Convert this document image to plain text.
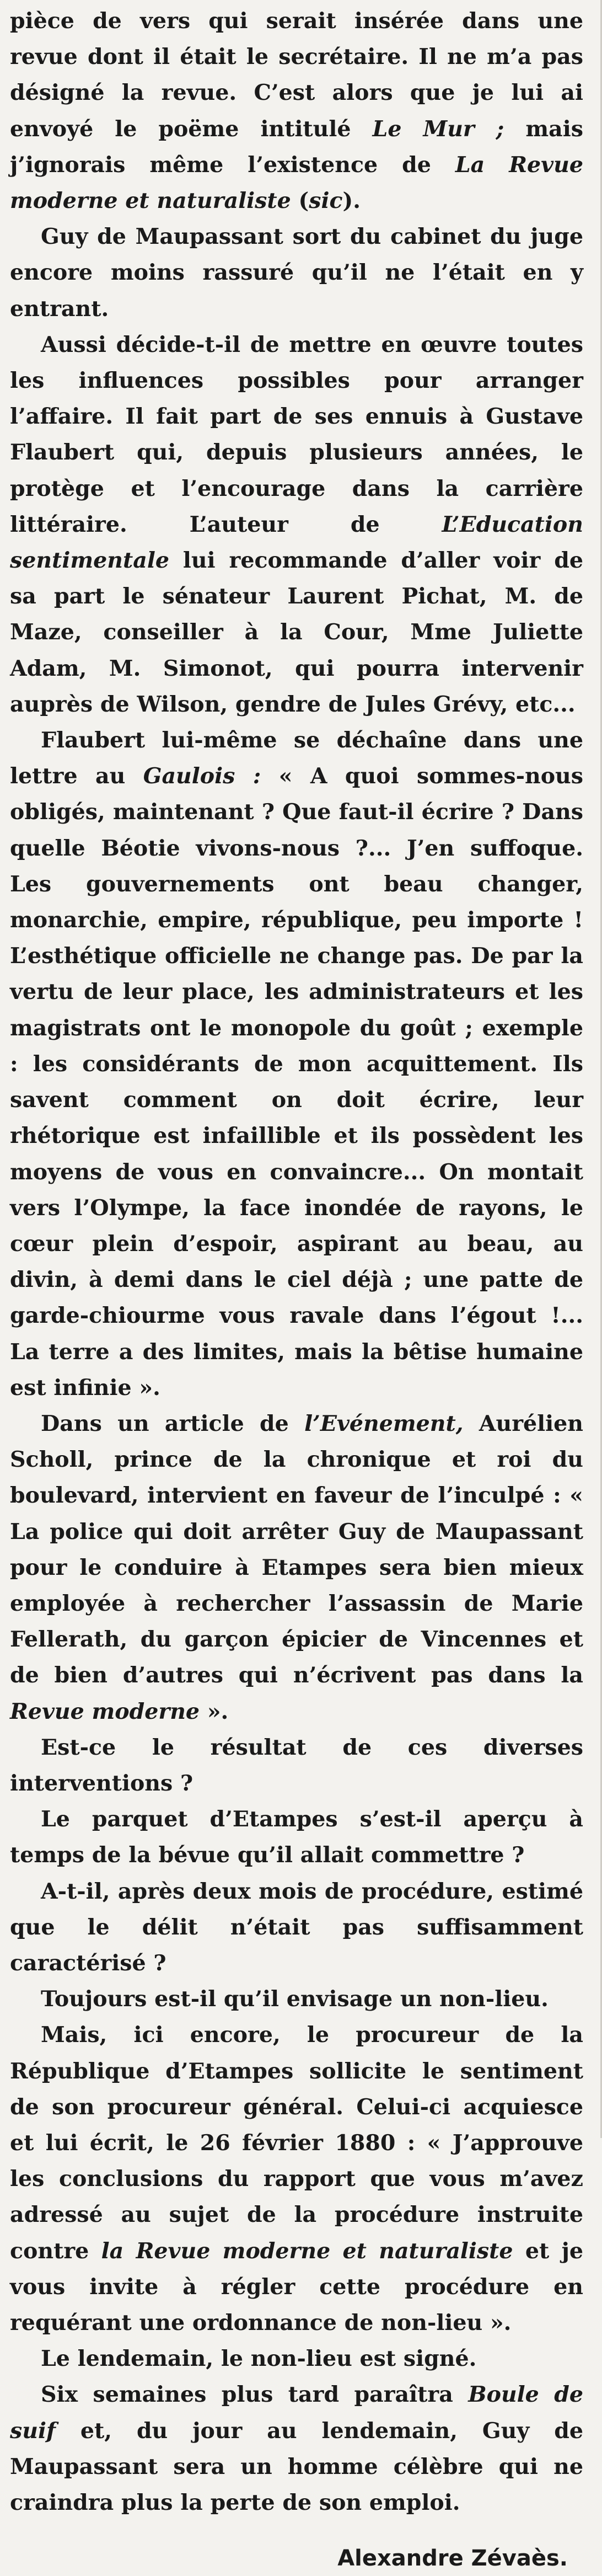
pièce de vers qui serait insérée dans une revue dont il était le secrétaire. Il ne m’a pas désigné la revue. C’est alors que je lui ai envoyé le poëme intitulé Le Mur ; mais j’ignorais même l’existence de La Revue moderne et naturaliste (sic).

Guy de Maupassant sort du cabinet du juge encore moins rassuré qu’il ne l’était en y entrant.

Aussi décide-t-il de mettre en œuvre toutes les influences possibles pour arranger l’affaire. Il fait part de ses ennuis à Gustave Flaubert qui, depuis plusieurs années, le protège et l’encourage dans la carrière littéraire. L’auteur de L’Education sentimentale lui recommande d’aller voir de sa part le sénateur Laurent Pichat, M. de Maze, conseiller à la Cour, Mme Juliette Adam, M. Simonot, qui pourra intervenir auprès de Wilson, gendre de Jules Grévy, etc...

Flaubert lui-même se déchaîne dans une lettre au Gaulois : « A quoi sommes-nous obligés, maintenant ? Que faut-il écrire ? Dans quelle Béotie vivons-nous ?... J’en suffoque. Les gouvernements ont beau changer, monarchie, empire, république, peu importe ! L’esthétique officielle ne change pas. De par la vertu de leur place, les administrateurs et les magistrats ont le monopole du goût ; exemple : les considérants de mon acquittement. Ils savent comment on doit écrire, leur rhétorique est infaillible et ils possèdent les moyens de vous en convaincre... On montait vers l’Olympe, la face inondée de rayons, le cœur plein d’espoir, aspirant au beau, au divin, à demi dans le ciel déjà ; une patte de garde-chiourme vous ravale dans l’égout !... La terre a des limites, mais la bêtise humaine est infinie ».

Dans un article de l’Evénement, Aurélien Scholl, prince de la chronique et roi du boulevard, intervient en faveur de l’inculpé : « La police qui doit arrêter Guy de Maupassant pour le conduire à Etampes sera bien mieux employée à rechercher l’assassin de Marie Fellerath, du garçon épicier de Vincennes et de bien d’autres qui n’écrivent pas dans la Revue moderne ».

Est-ce le résultat de ces diverses interventions ?

Le parquet d’Etampes s’est-il aperçu à temps de la bévue qu’il allait commettre ?

A-t-il, après deux mois de procédure, estimé que le délit n’était pas suffisamment caractérisé ?

Toujours est-il qu’il envisage un non-lieu.

Mais, ici encore, le procureur de la République d’Etampes sollicite le sentiment de son procureur général. Celui-ci acquiesce et lui écrit, le 26 février 1880 : « J’approuve les conclusions du rapport que vous m’avez adressé au sujet de la procédure instruite contre la Revue moderne et naturaliste et je vous invite à régler cette procédure en requérant une ordonnance de non-lieu ».

Le lendemain, le non-lieu est signé.

Six semaines plus tard paraîtra Boule de suif et, du jour au lendemain, Guy de Maupassant sera un homme célèbre qui ne craindra plus la perte de son emploi.

Alexandre Zévaès.
